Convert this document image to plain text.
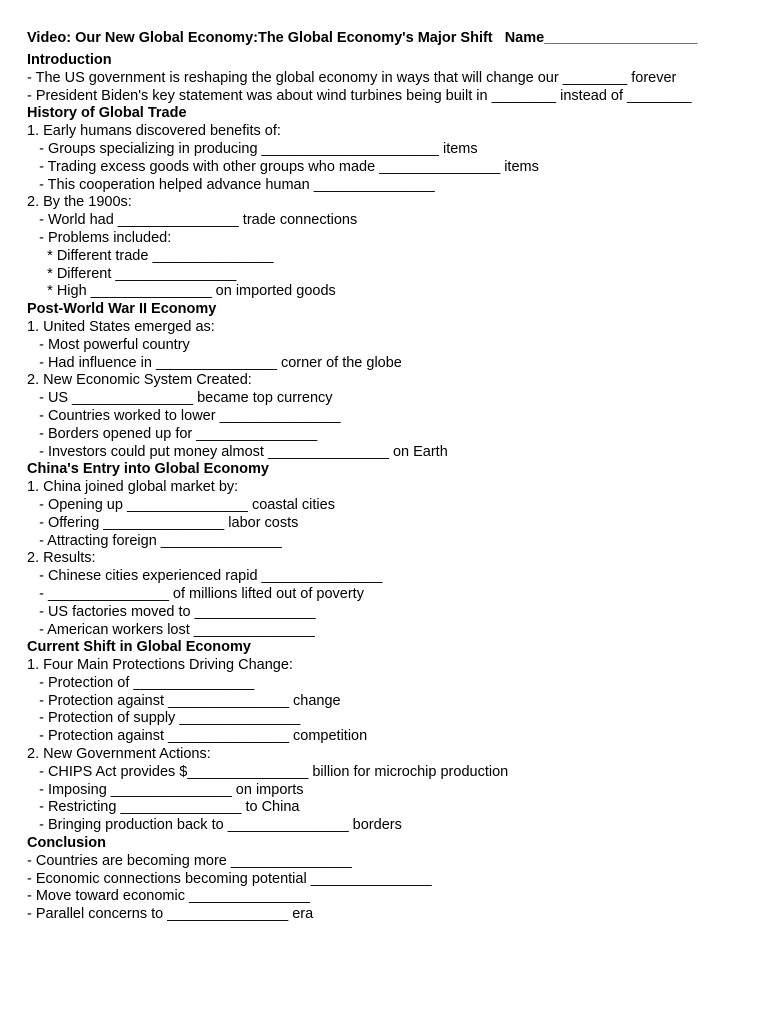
Video: Our New Global Economy:The Global Economy's Major Shift   Name___________________
Introduction
- The US government is reshaping the global economy in ways that will change our ________ forever
- President Biden's key statement was about wind turbines being built in ________ instead of ________
History of Global Trade
1. Early humans discovered benefits of:
- Groups specializing in producing ______________________ items
- Trading excess goods with other groups who made _______________ items
- This cooperation helped advance human _______________
2. By the 1900s:
- World had _______________ trade connections
- Problems included:
* Different trade _______________
* Different _______________
* High _______________ on imported goods
Post-World War II Economy
1. United States emerged as:
- Most powerful country
- Had influence in _______________ corner of the globe
2. New Economic System Created:
- US _______________ became top currency
- Countries worked to lower _______________
- Borders opened up for _______________
- Investors could put money almost _______________ on Earth
China's Entry into Global Economy
1. China joined global market by:
- Opening up _______________ coastal cities
- Offering _______________ labor costs
- Attracting foreign _______________
2. Results:
- Chinese cities experienced rapid _______________
- _______________ of millions lifted out of poverty
- US factories moved to _______________
- American workers lost _______________
Current Shift in Global Economy
1. Four Main Protections Driving Change:
- Protection of _______________
- Protection against _______________ change
- Protection of supply _______________
- Protection against _______________ competition
2. New Government Actions:
- CHIPS Act provides $_______________ billion for microchip production
- Imposing _______________ on imports
- Restricting _______________ to China
- Bringing production back to _______________ borders
Conclusion
- Countries are becoming more _______________
- Economic connections becoming potential _______________
- Move toward economic _______________
- Parallel concerns to _______________ era
